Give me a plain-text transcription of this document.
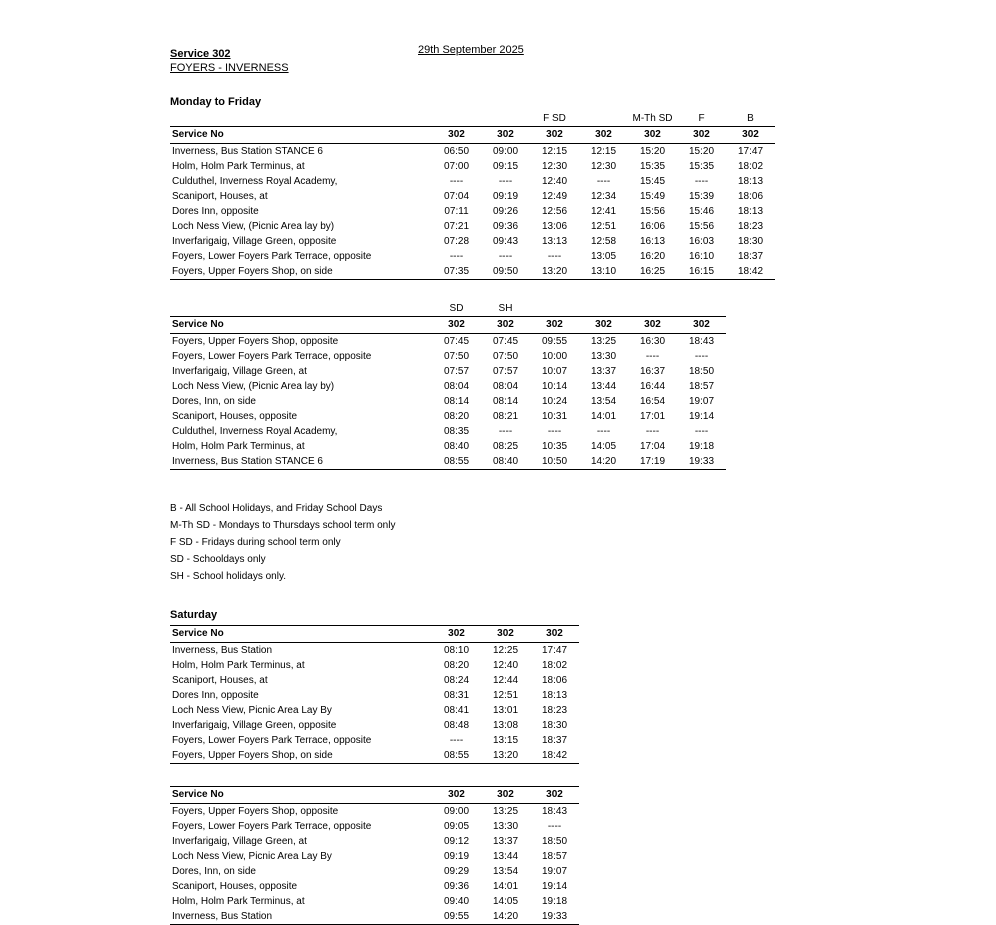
Service 302	29th September 2025
FOYERS - INVERNESS
Monday to Friday
			F SD		M-Th SD	F	B
Service No	302	302	302	302	302	302	302
Inverness, Bus Station STANCE 6	06:50	09:00	12:15	12:15	15:20	15:20	17:47
Holm, Holm Park Terminus, at	07:00	09:15	12:30	12:30	15:35	15:35	18:02
Culduthel, Inverness Royal Academy,	----	----	12:40	----	15:45	----	18:13
Scaniport, Houses, at	07:04	09:19	12:49	12:34	15:49	15:39	18:06
Dores Inn, opposite	07:11	09:26	12:56	12:41	15:56	15:46	18:13
Loch Ness View, (Picnic Area lay by)	07:21	09:36	13:06	12:51	16:06	15:56	18:23
Inverfarigaig, Village Green, opposite	07:28	09:43	13:13	12:58	16:13	16:03	18:30
Foyers, Lower Foyers Park Terrace, opposite	----	----	----	13:05	16:20	16:10	18:37
Foyers, Upper Foyers Shop, on side	07:35	09:50	13:20	13:10	16:25	16:15	18:42
	SD	SH				
Service No	302	302	302	302	302	302
Foyers, Upper Foyers Shop, opposite	07:45	07:45	09:55	13:25	16:30	18:43
Foyers, Lower Foyers Park Terrace, opposite	07:50	07:50	10:00	13:30	----	----
Inverfarigaig, Village Green, at	07:57	07:57	10:07	13:37	16:37	18:50
Loch Ness View, (Picnic Area lay by)	08:04	08:04	10:14	13:44	16:44	18:57
Dores, Inn, on side	08:14	08:14	10:24	13:54	16:54	19:07
Scaniport, Houses, opposite	08:20	08:21	10:31	14:01	17:01	19:14
Culduthel, Inverness Royal Academy,	08:35	----	----	----	----	----
Holm, Holm Park Terminus, at	08:40	08:25	10:35	14:05	17:04	19:18
Inverness, Bus Station STANCE 6	08:55	08:40	10:50	14:20	17:19	19:33
B - All School Holidays, and Friday School Days
M-Th SD - Mondays to Thursdays school term only
F SD - Fridays during school term only
SD - Schooldays only
SH - School holidays only.
Saturday
Service No	302	302	302
Inverness, Bus Station	08:10	12:25	17:47
Holm, Holm Park Terminus, at	08:20	12:40	18:02
Scaniport, Houses, at	08:24	12:44	18:06
Dores Inn, opposite	08:31	12:51	18:13
Loch Ness View, Picnic Area Lay By	08:41	13:01	18:23
Inverfarigaig, Village Green, opposite	08:48	13:08	18:30
Foyers, Lower Foyers Park Terrace, opposite	----	13:15	18:37
Foyers, Upper Foyers Shop, on side	08:55	13:20	18:42
Service No	302	302	302
Foyers, Upper Foyers Shop, opposite	09:00	13:25	18:43
Foyers, Lower Foyers Park Terrace, opposite	09:05	13:30	----
Inverfarigaig, Village Green, at	09:12	13:37	18:50
Loch Ness View, Picnic Area Lay By	09:19	13:44	18:57
Dores, Inn, on side	09:29	13:54	19:07
Scaniport, Houses, opposite	09:36	14:01	19:14
Holm, Holm Park Terminus, at	09:40	14:05	19:18
Inverness, Bus Station	09:55	14:20	19:33
